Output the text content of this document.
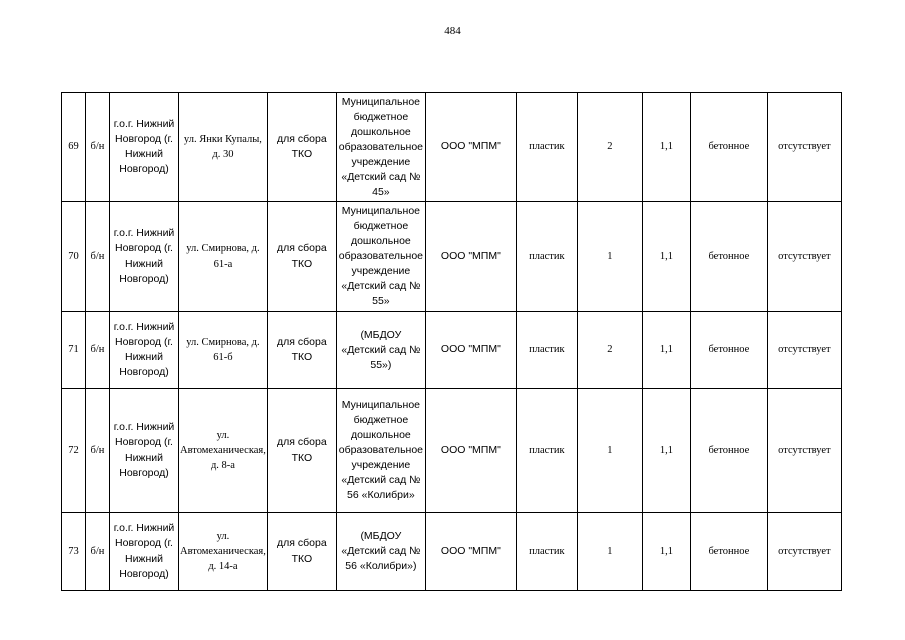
484
69	б/н	г.о.г. Нижний Новгород (г. Нижний Новгород)	ул. Янки Купалы, д. 30	для сбора ТКО	Муниципальное бюджетное дошкольное образовательное учреждение «Детский сад № 45»	ООО "МПМ"	пластик	2	1,1	бетонное	отсутствует
70	б/н	г.о.г. Нижний Новгород (г. Нижний Новгород)	ул. Смирнова, д. 61-а	для сбора ТКО	Муниципальное бюджетное дошкольное образовательное учреждение «Детский сад № 55»	ООО "МПМ"	пластик	1	1,1	бетонное	отсутствует
71	б/н	г.о.г. Нижний Новгород (г. Нижний Новгород)	ул. Смирнова, д. 61-б	для сбора ТКО	(МБДОУ «Детский сад № 55»)	ООО "МПМ"	пластик	2	1,1	бетонное	отсутствует
72	б/н	г.о.г. Нижний Новгород (г. Нижний Новгород)	ул. Автомеханическая, д. 8-а	для сбора ТКО	Муниципальное бюджетное дошкольное образовательное учреждение «Детский сад № 56 «Колибри»	ООО "МПМ"	пластик	1	1,1	бетонное	отсутствует
73	б/н	г.о.г. Нижний Новгород (г. Нижний Новгород)	ул. Автомеханическая, д. 14-а	для сбора ТКО	(МБДОУ «Детский сад № 56 «Колибри»)	ООО "МПМ"	пластик	1	1,1	бетонное	отсутствует
